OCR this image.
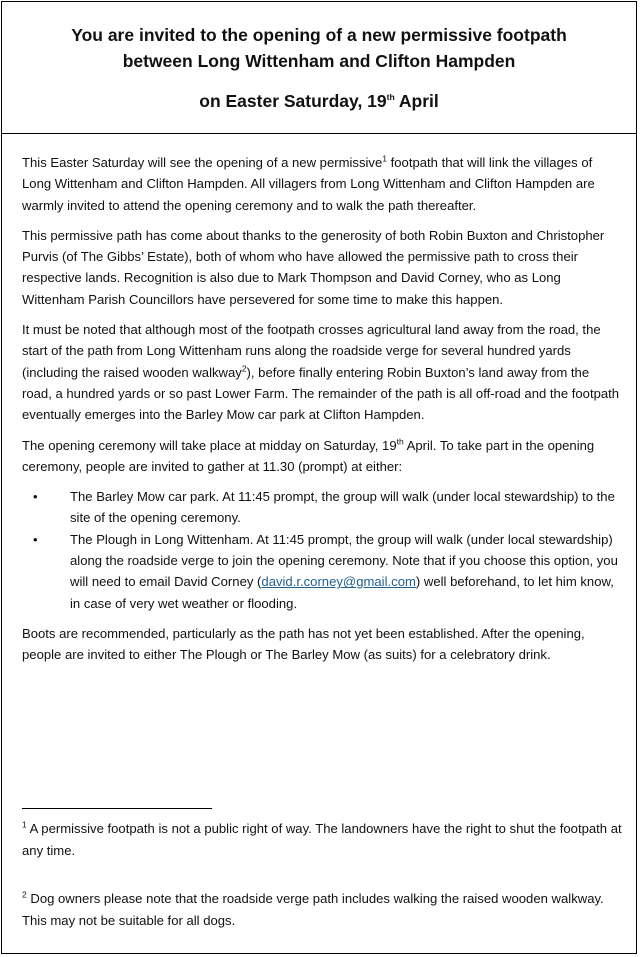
You are invited to the opening of a new permissive footpath
between Long Wittenham and Clifton Hampden
on Easter Saturday, 19th April

This Easter Saturday will see the opening of a new permissive$^1$ footpath that will link the villages of Long Wittenham and Clifton Hampden. All villagers from Long Wittenham and Clifton Hampden are warmly invited to attend the opening ceremony and to walk the path thereafter.

This permissive path has come about thanks to the generosity of both Robin Buxton and Christopher Purvis (of The Gibbs’ Estate), both of whom who have allowed the permissive path to cross their respective lands. Recognition is also due to Mark Thompson and David Corney, who as Long Wittenham Parish Councillors have persevered for some time to make this happen.

It must be noted that although most of the footpath crosses agricultural land away from the road, the start of the path from Long Wittenham runs along the roadside verge for several hundred yards (including the raised wooden walkway$^2$), before finally entering Robin Buxton’s land away from the road, a hundred yards or so past Lower Farm. The remainder of the path is all off-road and the footpath eventually emerges into the Barley Mow car park at Clifton Hampden.

The opening ceremony will take place at midday on Saturday, 19th April. To take part in the opening ceremony, people are invited to gather at 11.30 (prompt) at either:

• The Barley Mow car park. At 11:45 prompt, the group will walk (under local stewardship) to the site of the opening ceremony.
• The Plough in Long Wittenham. At 11:45 prompt, the group will walk (under local stewardship) along the roadside verge to join the opening ceremony. Note that if you choose this option, you will need to email David Corney (david.r.corney@gmail.com) well beforehand, to let him know, in case of very wet weather or flooding.

Boots are recommended, particularly as the path has not yet been established. After the opening, people are invited to either The Plough or The Barley Mow (as suits) for a celebratory drink.

$^1$ A permissive footpath is not a public right of way. The landowners have the right to shut the footpath at any time.
$^2$ Dog owners please note that the roadside verge path includes walking the raised wooden walkway. This may not be suitable for all dogs.
